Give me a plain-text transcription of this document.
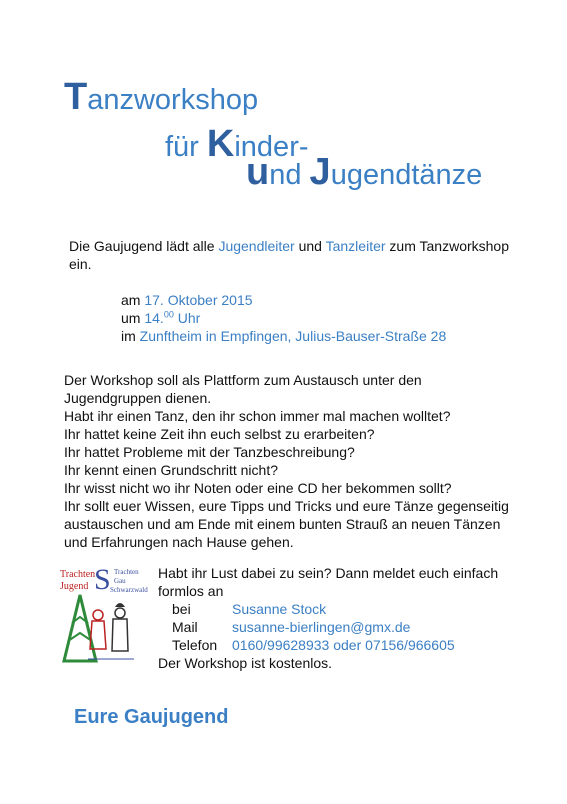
Tanzworkshop
für Kinder-
und Jugendtänze
Die Gaujugend lädt alle Jugendleiter und Tanzleiter zum Tanzworkshop ein.
am 17. Oktober 2015
um 14.00 Uhr
im Zunftheim in Empfingen, Julius-Bauser-Straße 28
Der Workshop soll als Plattform zum Austausch unter den
Jugendgruppen dienen.
Habt ihr einen Tanz, den ihr schon immer mal machen wolltet?
Ihr hattet keine Zeit ihn euch selbst zu erarbeiten?
Ihr hattet Probleme mit der Tanzbeschreibung?
Ihr kennt einen Grundschritt nicht?
Ihr wisst nicht wo ihr Noten oder eine CD her bekommen sollt?
Ihr sollt euer Wissen, eure Tipps und Tricks und eure Tänze gegenseitig
austauschen und am Ende mit einem bunten Strauß an neuen Tänzen
und Erfahrungen nach Hause gehen.
Trachten
Jugend S Trachten
Gau
Schwarzwald
Habt ihr Lust dabei zu sein? Dann meldet euch einfach
formlos an
bei	Susanne Stock
Mail susanne-bierlingen@gmx.de
Telefon 0160/99628933 oder 07156/966605
Der Workshop ist kostenlos.
Eure Gaujugend
